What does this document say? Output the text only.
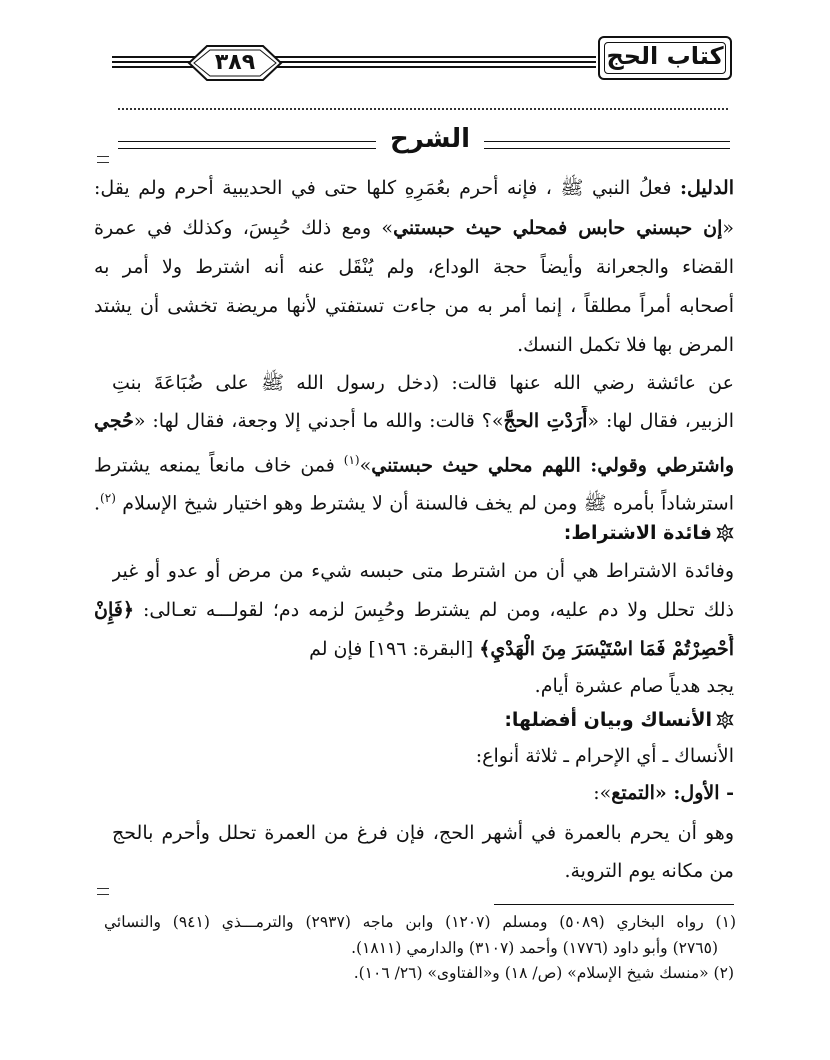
٣٨٩	كتاب الحج
الشرح
الدليل: فعلُ النبي ﷺ ، فإنه أحرم بعُمَرِهِ كلها حتى في الحديبية أحرم ولم يقل:
«إن حبسني حابس فمحلي حيث حبستني» ومع ذلك حُبِسَ، وكذلك في عمرة
القضاء والجعرانة وأيضاً حجة الوداع، ولم يُنْقَل عنه أنه اشترط ولا أمر به
أصحابه أمراً مطلقاً ، إنما أمر به من جاءت تستفتي لأنها مريضة تخشى أن يشتد
المرض بها فلا تكمل النسك.
عن عائشة رضي الله عنها قالت: (دخل رسول الله ﷺ على ضُبَاعَةَ بنتِ
الزبير، فقال لها: «أَرَدْتِ الحجَّ»؟ قالت: والله ما أجدني إلا وجعة، فقال لها: «حُجي
واشترطي وقولي: اللهم محلي حيث حبستني»$^{(١)}$ فمن خاف مانعاً يمنعه يشترط
استرشاداً بأمره ﷺ ومن لم يخف فالسنة أن لا يشترط وهو اختيار شيخ الإسلام $^{(٢)}$.
فائدة الاشتراط:
وفائدة الاشتراط هي أن من اشترط متى حبسه شيء من مرض أو عدو أو غير
ذلك تحلل ولا دم عليه، ومن لم يشترط وحُبِسَ لزمه دم؛ لقولـــه تعـالى: ﴿فَإِنْ
أُحْصِرْتُمْ فَمَا اسْتَيْسَرَ مِنَ الْهَدْيِ﴾ [البقرة: ١٩٦] فإن لم
يجد هدياً صام عشرة أيام.
الأنساك وبيان أفضلها:
الأنساك ـ أي الإحرام ـ ثلاثة أنواع:
- الأول: «التمتع»:
وهو أن يحرم بالعمرة في أشهر الحج، فإن فرغ من العمرة تحلل وأحرم بالحج
من مكانه يوم التروية.
(١) رواه البخاري (٥٠٨٩) ومسلم (١٢٠٧) وابن ماجه (٢٩٣٧) والترمـــذي (٩٤١) والنسائي
(٢٧٦٥) وأبو داود (١٧٧٦) وأحمد (٣١٠٧) والدارمي (١٨١١).
(٢) «منسك شيخ الإسلام» (ص/ ١٨) و«الفتاوى» (٢٦/ ١٠٦).
